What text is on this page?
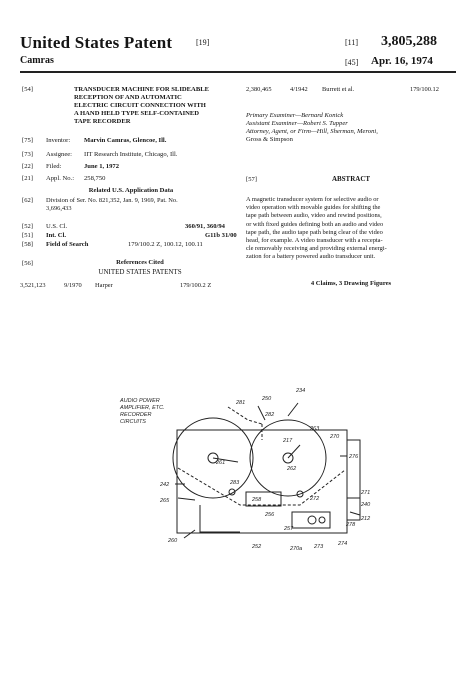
United States Patent	[19]
Camras
[11] 3,805,288
[45] Apr. 16, 1974
[54]	TRANSDUCER MACHINE FOR SLIDEABLE
RECEPTION OF AND AUTOMATIC
ELECTRIC CIRCUIT CONNECTION WITH
A HAND HELD TYPE SELF-CONTAINED
TAPE RECORDER
[75] Inventor: Marvin Camras, Glencoe, Ill.
[73] Assignee: IIT Research Institute, Chicago, Ill.
[22] Filed:	June 1, 1972
[21] Appl. No.: 258,750
Related U.S. Application Data
[62] Division of Ser. No. 821,352, Jan. 9, 1969, Pat. No.
3,696,433
[52] U.S. Cl.	360/91, 360/94
[51] Int. Cl.	G11b 31/00
[58] Field of Search	179/100.2 Z, 100.12, 100.11
[56]	References Cited
UNITED STATES PATENTS
3,521,123	9/1970 Harper	179/100.2 Z
2,380,465	4/1942 Burrett et al.	179/100.12
Primary Examiner—Bernard Konick
Assistant Examiner—Robert S. Tupper
Attorney, Agent, or Firm—Hill, Sherman, Meroni,
Gross & Simpson
[57]	ABSTRACT
A magnetic transducer system for selective audio or
video operation with movable guides for shifting the
tape path between audio, video and rewind positions,
or with fixed guides defining both an audio and video
tape path, the audio tape path being clear of the video
head, for example. A video transducer with a recepta-
cle removably receiving and providing external energi-
zation for a battery powered audio transducer unit.
4 Claims, 3 Drawing Figures
AUDIO POWER
AMPLIFIER, ETC.
RECORDER
CIRCUITS
234
281
250
282
263
270
217
276
261
262
242	283
265	258	272
256
271
240
212
260
257
252	270a 273	274
278
